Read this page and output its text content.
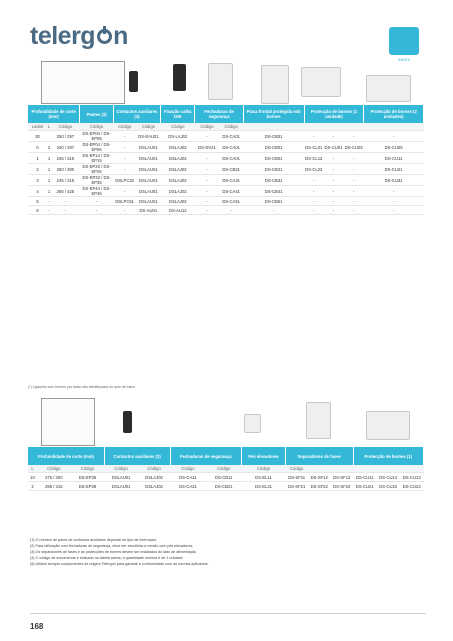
telerg n
INDEX
Profundidade de corte (mm)			Postes (3)	Contactos auxiliares (2)		Fixação calha DIN	Fechaduras de segurança		Placa frontal protegida sob bornes	Protecção de bornes (1 unidade)			Protecção de bornes (2 unidades)
Lados	L	Código	Código	Código	Código	Código	Código	Código					
30		250 / 297	DS-EP04 / DS-EP05	-	DS-EAU01	DS-LAJ02	-	DS-CA01	DS-CB01	-	-	-	-
0	2	240 / 287	DS-EP04 / DS-EP05	-	DSLAU01	DSLAJ02	DS-DV21	DS-CA01	DS-CB01	DS-CL01	DS-CU01	DS-CU03	DS-CU05
1	1	245 / 315	DS-EP14 / DS-EP15	-	DSLAU01	DSLAJ02	-	DS-CA01	DS-CB01	DS-CL12	-	-	DS-CU11
2	1	250 / 300	DS-EP20 / DS-EP25	-	DSLAU01	DSLAJ02	-	DS-CB21	DS-CB21	DS-CL22	-	-	DS-CU21
3	1	245 / 315	DS-EP33 / DS-EP35	DSLPC32	DSLAU01	DSLAJ02	-	DS-CA31	DS-CB31	-	-	-	DS-CU31
4	1	265 / 425	DS-EP44 / DS-EP45	-	DSLAU01	DSLAJ02	-	DS-CA41	DS-CB41	-	-	-	-
5	-	-	-	DSLPC51	DSLAU01	DSLAJ02	-	DS-CA51	DS-CB51	-	-	-	-
6	-	-	-	-	DS-AU01	DS-AU12	-	-	-	-	-	-	-
(*) Ligações com bornes por baixo são identificados do lado de baixo.
Profundidade de corte (mm)			Contactos auxiliares (2)		Fechaduras de segurança		Pés elevadores	Separadores de fases			Protecção de bornes (1)		
L	Código	Código	Código	Código	Código	Código	Código	Código					
10	275 / 300	DS-EP36	DSLAU01	DSLAJ02	DS-CA11	DS-CB11	DS-EL11	DS-SF11	DS-SF12	DS-SF13	DS-CU11	DS-CU12	DS-CU13
2	295 / 315	DS-EP38	DSLAU01	DSLAJ02	DS-CA21	DS-CB21	DS-EL21	DS-SF21	DS-SF22	DS-SF23	DS-CU21	DS-CU22	DS-CU23
(1) O número de pares de contactos auxiliares depende do tipo de interruptor.
(2) Para utilização com fechaduras de segurança, deve ser escolhida a versão com pés elevadores.
(3) Os separadores de fases e as protecções de bornes devem ser instalados do lado de alimentação.
(4) O código de encomenda é indicado na tabela acima; a quantidade mínima é de 1 unidade.
(5) Utilizar sempre componentes de origem Telergon para garantir a conformidade com as normas aplicáveis.
168
